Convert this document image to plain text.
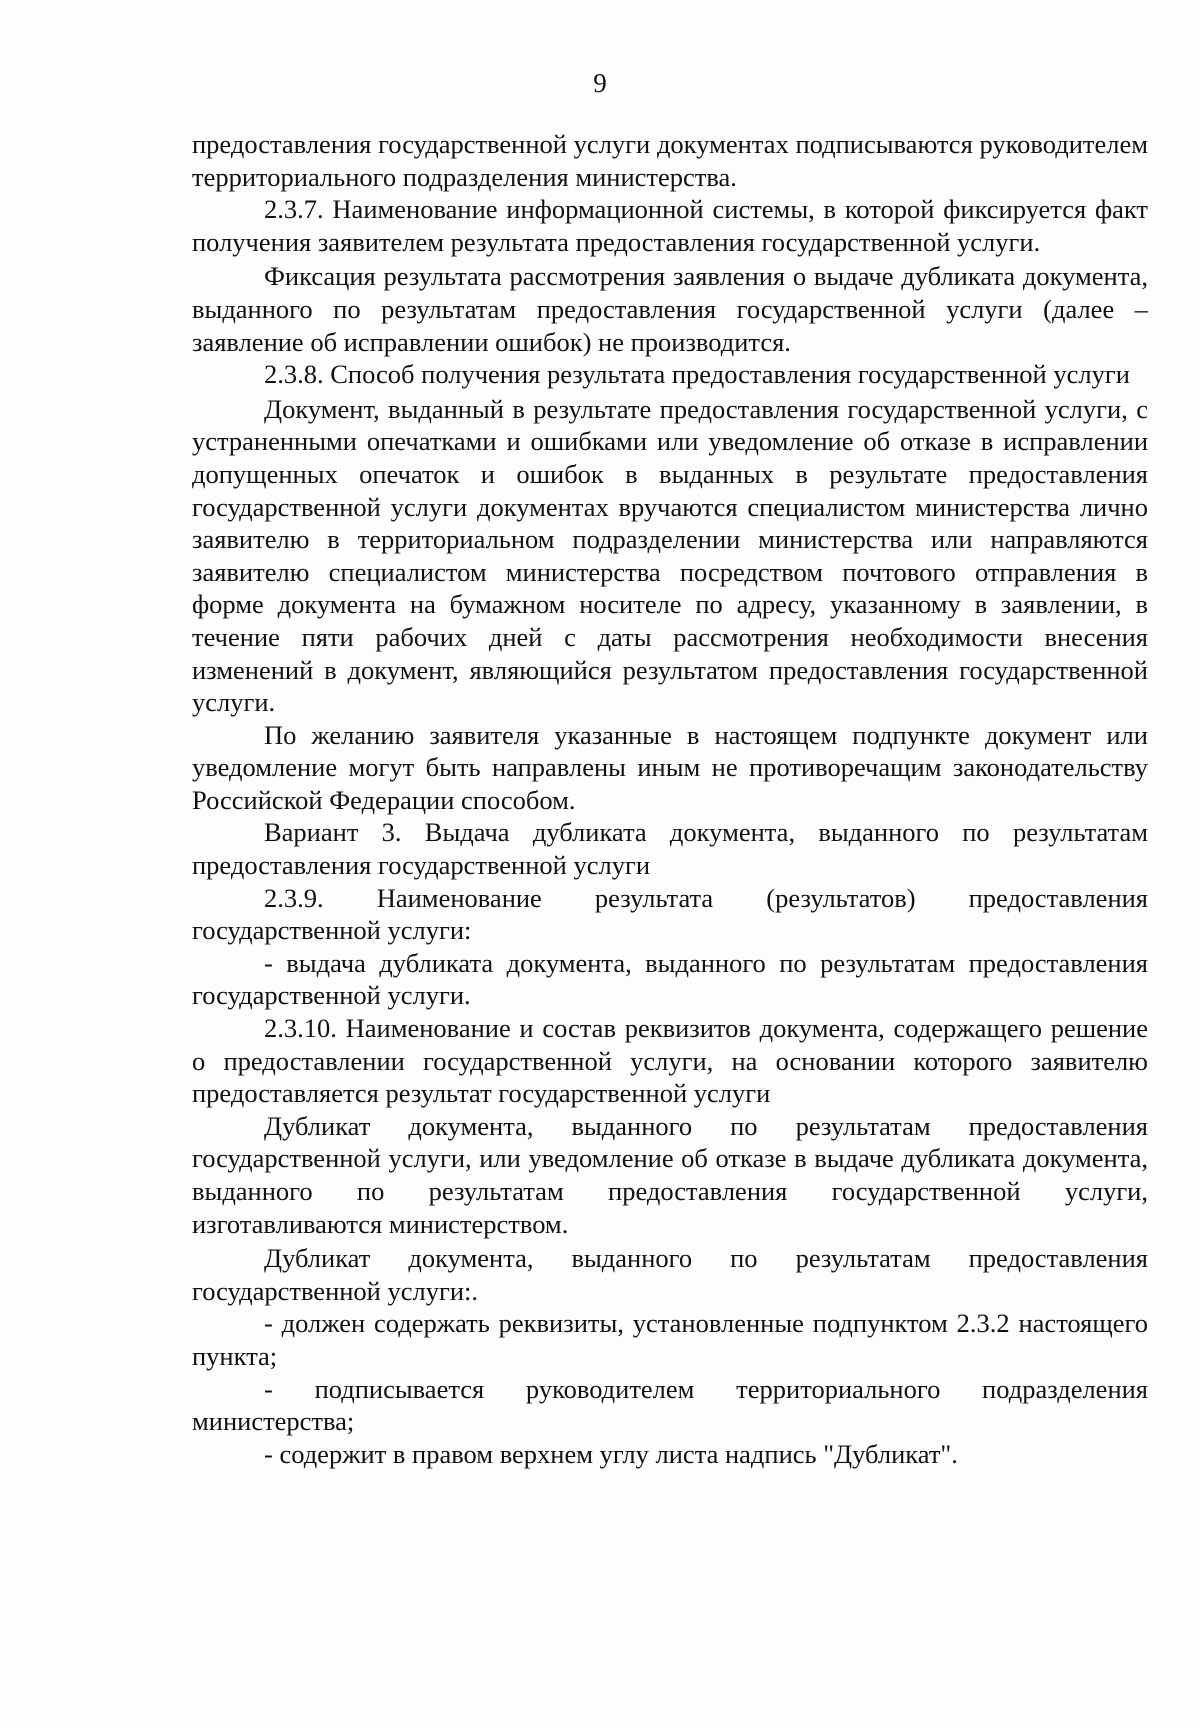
9

предоставления государственной услуги документах подписываются руководителем территориального подразделения министерства.

2.3.7. Наименование информационной системы, в которой фиксируется факт получения заявителем результата предоставления государственной услуги.

Фиксация результата рассмотрения заявления о выдаче дубликата документа, выданного по результатам предоставления государственной услуги (далее – заявление об исправлении ошибок) не производится.

2.3.8. Способ получения результата предоставления государственной услуги

Документ, выданный в результате предоставления государственной услуги, с устраненными опечатками и ошибками или уведомление об отказе в исправлении допущенных опечаток и ошибок в выданных в результате предоставления государственной услуги документах вручаются специалистом министерства лично заявителю в территориальном подразделении министерства или направляются заявителю специалистом министерства посредством почтового отправления в форме документа на бумажном носителе по адресу, указанному в заявлении, в течение пяти рабочих дней с даты рассмотрения необходимости внесения изменений в документ, являющийся результатом предоставления государственной услуги.

По желанию заявителя указанные в настоящем подпункте документ или уведомление могут быть направлены иным не противоречащим законодательству Российской Федерации способом.

Вариант 3. Выдача дубликата документа, выданного по результатам предоставления государственной услуги

2.3.9. Наименование результата (результатов) предоставления государственной услуги:

- выдача дубликата документа, выданного по результатам предоставления государственной услуги.

2.3.10. Наименование и состав реквизитов документа, содержащего решение о предоставлении государственной услуги, на основании которого заявителю предоставляется результат государственной услуги

Дубликат документа, выданного по результатам предоставления государственной услуги, или уведомление об отказе в выдаче дубликата документа, выданного по результатам предоставления государственной услуги, изготавливаются министерством.

Дубликат документа, выданного по результатам предоставления государственной услуги:.

- должен содержать реквизиты, установленные подпунктом 2.3.2 настоящего пункта;

- подписывается руководителем территориального подразделения министерства;

- содержит в правом верхнем углу листа надпись "Дубликат".
